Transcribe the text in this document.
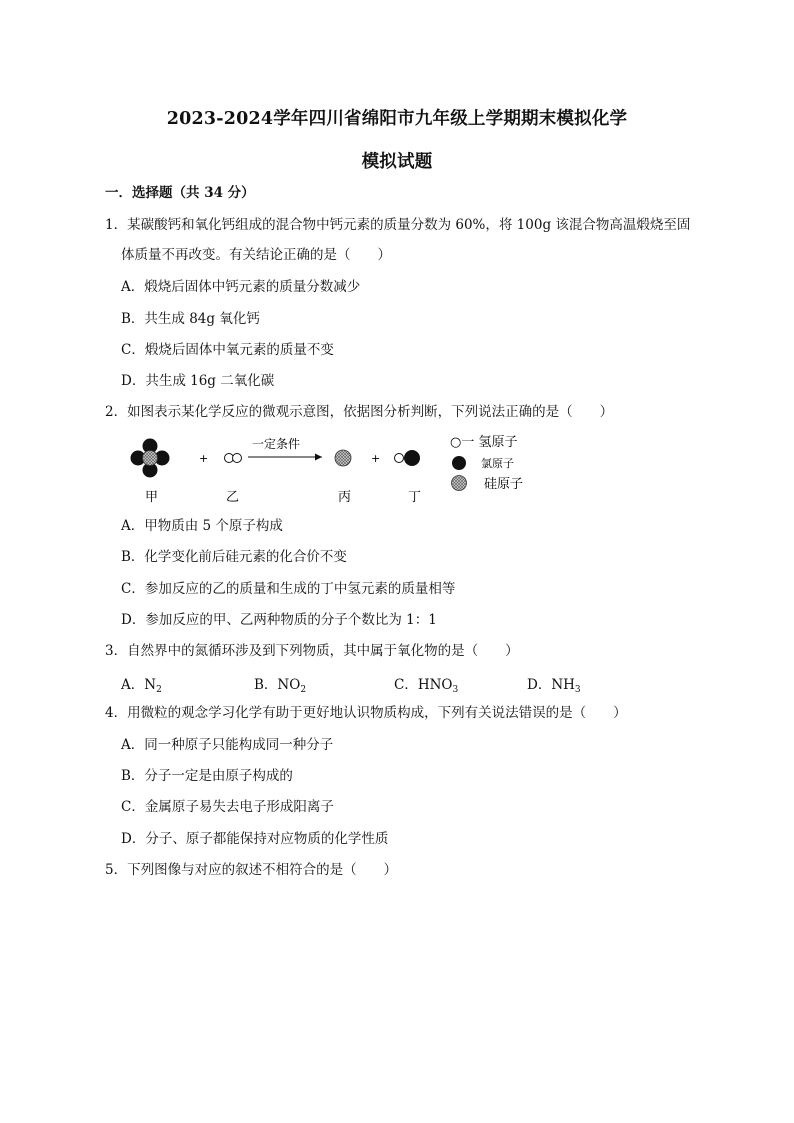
2023-2024学年四川省绵阳市九年级上学期期末模拟化学
模拟试题
一．选择题（共 34 分）
1．某碳酸钙和氧化钙组成的混合物中钙元素的质量分数为 60%，将 100g 该混合物高温煅烧至固
体质量不再改变。有关结论正确的是（　　）
A．煅烧后固体中钙元素的质量分数减少
B．共生成 84g 氧化钙
C．煅烧后固体中氧元素的质量不变
D．共生成 16g 二氧化碳
2．如图表示某化学反应的微观示意图，依据图分析判断，下列说法正确的是（　　）
+
一定条件
+
○一 氢原子
氯原子
硅原子
甲	乙	丙	丁
A．甲物质由 5 个原子构成
B．化学变化前后硅元素的化合价不变
C．参加反应的乙的质量和生成的丁中氢元素的质量相等
D．参加反应的甲、乙两种物质的分子个数比为 1：1
3．自然界中的氮循环涉及到下列物质，其中属于氧化物的是（　　）
A．$N_2$	B．$NO_2$	C．$HNO_3$	D．$NH_3$
4．用微粒的观念学习化学有助于更好地认识物质构成，下列有关说法错误的是（　　）
A．同一种原子只能构成同一种分子
B．分子一定是由原子构成的
C．金属原子易失去电子形成阳离子
D．分子、原子都能保持对应物质的化学性质
5．下列图像与对应的叙述不相符合的是（　　）
